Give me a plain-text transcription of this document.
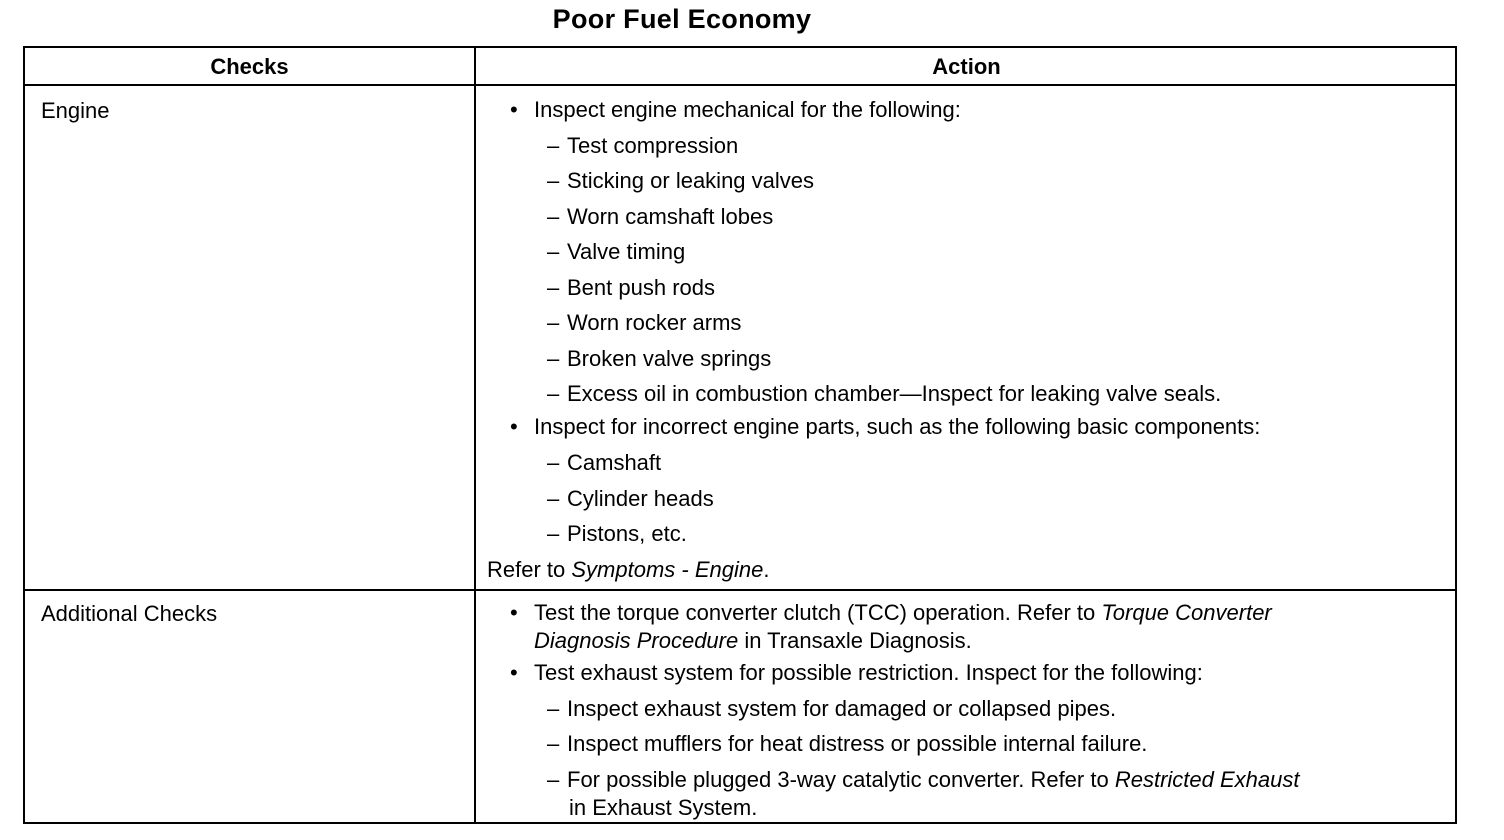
Poor Fuel Economy
Checks	Action
Engine	• Inspect engine mechanical for the following:
– Test compression
– Sticking or leaking valves
– Worn camshaft lobes
– Valve timing
– Bent push rods
– Worn rocker arms
– Broken valve springs
– Excess oil in combustion chamber—Inspect for leaking valve seals.
• Inspect for incorrect engine parts, such as the following basic components:
– Camshaft
– Cylinder heads
– Pistons, etc.
Refer to Symptoms - Engine.
Additional Checks	• Test the torque converter clutch (TCC) operation. Refer to Torque Converter
Diagnosis Procedure in Transaxle Diagnosis.
• Test exhaust system for possible restriction. Inspect for the following:
– Inspect exhaust system for damaged or collapsed pipes.
– Inspect mufflers for heat distress or possible internal failure.
– For possible plugged 3-way catalytic converter. Refer to Restricted Exhaust
in Exhaust System.
